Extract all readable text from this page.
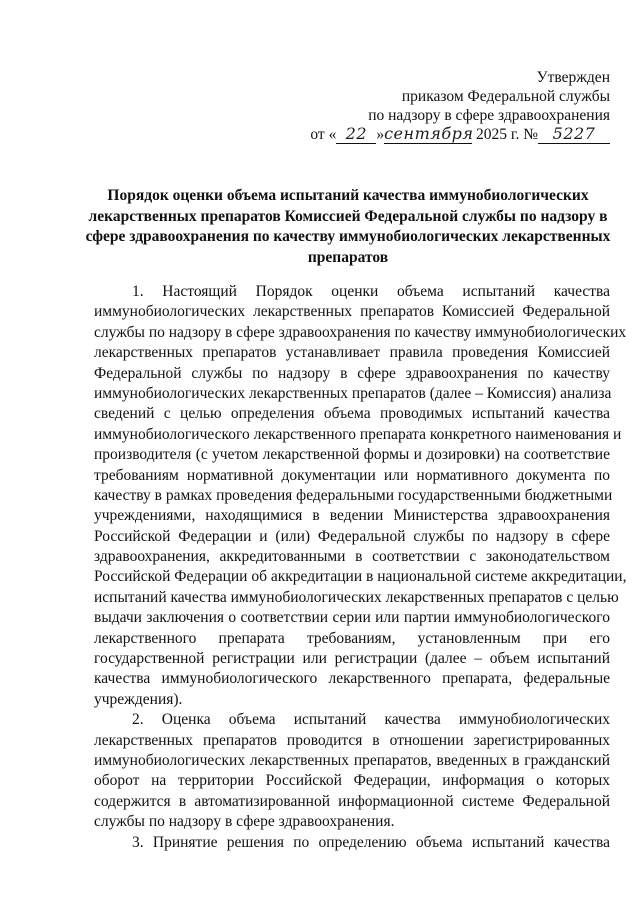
Утвержден
приказом Федеральной службы
по надзору в сфере здравоохранения
от « 22 »сентября 2025 г. № 5227
Порядок оценки объема испытаний качества иммунобиологических
лекарственных препаратов Комиссией Федеральной службы по надзору в
сфере здравоохранения по качеству иммунобиологических лекарственных
препаратов
1. Настоящий Порядок оценки объема испытаний качества
иммунобиологических лекарственных препаратов Комиссией Федеральной
службы по надзору в сфере здравоохранения по качеству иммунобиологических
лекарственных препаратов устанавливает правила проведения Комиссией
Федеральной службы по надзору в сфере здравоохранения по качеству
иммунобиологических лекарственных препаратов (далее – Комиссия) анализа
сведений с целью определения объема проводимых испытаний качества
иммунобиологического лекарственного препарата конкретного наименования и
производителя (с учетом лекарственной формы и дозировки) на соответствие
требованиям нормативной документации или нормативного документа по
качеству в рамках проведения федеральными государственными бюджетными
учреждениями, находящимися в ведении Министерства здравоохранения
Российской Федерации и (или) Федеральной службы по надзору в сфере
здравоохранения, аккредитованными в соответствии с законодательством
Российской Федерации об аккредитации в национальной системе аккредитации,
испытаний качества иммунобиологических лекарственных препаратов с целью
выдачи заключения о соответствии серии или партии иммунобиологического
лекарственного препарата требованиям, установленным при его
государственной регистрации или регистрации (далее – объем испытаний
качества иммунобиологического лекарственного препарата, федеральные
учреждения).
2. Оценка объема испытаний качества иммунобиологических
лекарственных препаратов проводится в отношении зарегистрированных
иммунобиологических лекарственных препаратов, введенных в гражданский
оборот на территории Российской Федерации, информация о которых
содержится в автоматизированной информационной системе Федеральной
службы по надзору в сфере здравоохранения.
3. Принятие решения по определению объема испытаний качества
